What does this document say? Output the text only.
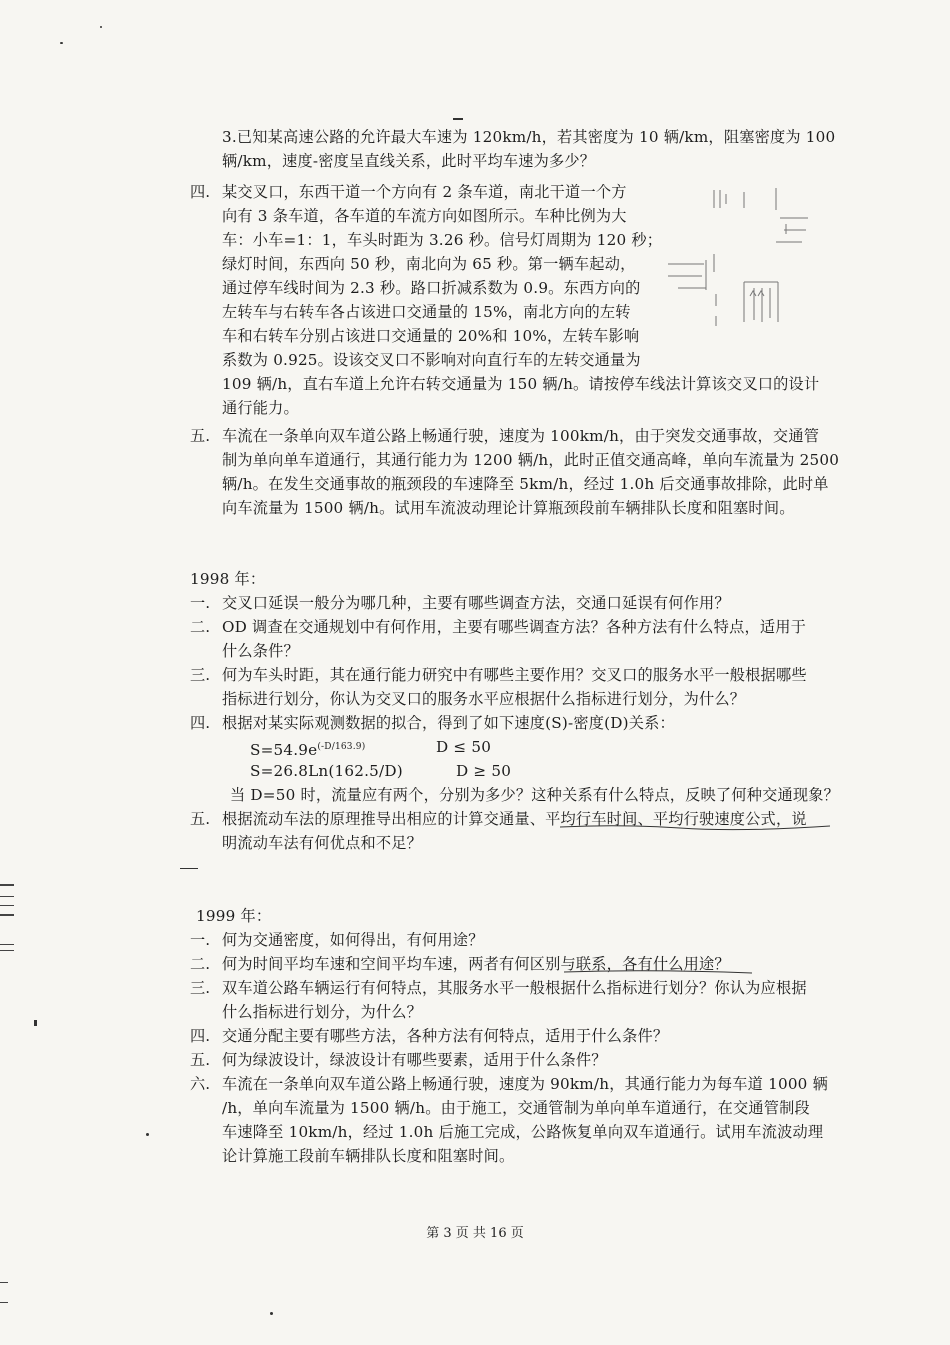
3.已知某高速公路的允许最大车速为 120km/h，若其密度为 10 辆/km，阻塞密度为 100
辆/km，速度-密度呈直线关系，此时平均车速为多少？
四. 某交叉口，东西干道一个方向有 2 条车道，南北干道一个方
向有 3 条车道，各车道的车流方向如图所示。车种比例为大
车：小车=1：1，车头时距为 3.26 秒。信号灯周期为 120 秒；
绿灯时间，东西向 50 秒，南北向为 65 秒。第一辆车起动，
通过停车线时间为 2.3 秒。路口折减系数为 0.9。东西方向的
左转车与右转车各占该进口交通量的 15%，南北方向的左转
车和右转车分别占该进口交通量的 20%和 10%，左转车影响
系数为 0.925。设该交叉口不影响对向直行车的左转交通量为
109 辆/h，直右车道上允许右转交通量为 150 辆/h。请按停车线法计算该交叉口的设计
通行能力。
五. 车流在一条单向双车道公路上畅通行驶，速度为 100km/h，由于突发交通事故，交通管
制为单向单车道通行，其通行能力为 1200 辆/h，此时正值交通高峰，单向车流量为 2500
辆/h。在发生交通事故的瓶颈段的车速降至 5km/h，经过 1.0h 后交通事故排除，此时单
向车流量为 1500 辆/h。试用车流波动理论计算瓶颈段前车辆排队长度和阻塞时间。
1998 年：
一. 交叉口延误一般分为哪几种，主要有哪些调查方法，交通口延误有何作用？
二. OD 调查在交通规划中有何作用，主要有哪些调查方法？各种方法有什么特点，适用于
什么条件？
三. 何为车头时距，其在通行能力研究中有哪些主要作用？交叉口的服务水平一般根据哪些
指标进行划分，你认为交叉口的服务水平应根据什么指标进行划分，为什么？
四. 根据对某实际观测数据的拟合，得到了如下速度(S)-密度(D)关系：
$S=54.9e^{(-D/163.9)}$	D ≤ 50
S=26.8Ln(162.5/D)	D ≥ 50
当 D=50 时，流量应有两个，分别为多少？这种关系有什么特点，反映了何种交通现象？
五. 根据流动车法的原理推导出相应的计算交通量、平均行车时间、平均行驶速度公式，说
明流动车法有何优点和不足？
1999 年：
一. 何为交通密度，如何得出，有何用途？
二. 何为时间平均车速和空间平均车速，两者有何区别与联系，各有什么用途？
三. 双车道公路车辆运行有何特点，其服务水平一般根据什么指标进行划分？你认为应根据
什么指标进行划分，为什么？
四. 交通分配主要有哪些方法，各种方法有何特点，适用于什么条件？
五. 何为绿波设计，绿波设计有哪些要素，适用于什么条件？
六. 车流在一条单向双车道公路上畅通行驶，速度为 90km/h，其通行能力为每车道 1000 辆
/h，单向车流量为 1500 辆/h。由于施工，交通管制为单向单车道通行，在交通管制段
车速降至 10km/h，经过 1.0h 后施工完成，公路恢复单向双车道通行。试用车流波动理
论计算施工段前车辆排队长度和阻塞时间。
第 3 页 共 16 页
